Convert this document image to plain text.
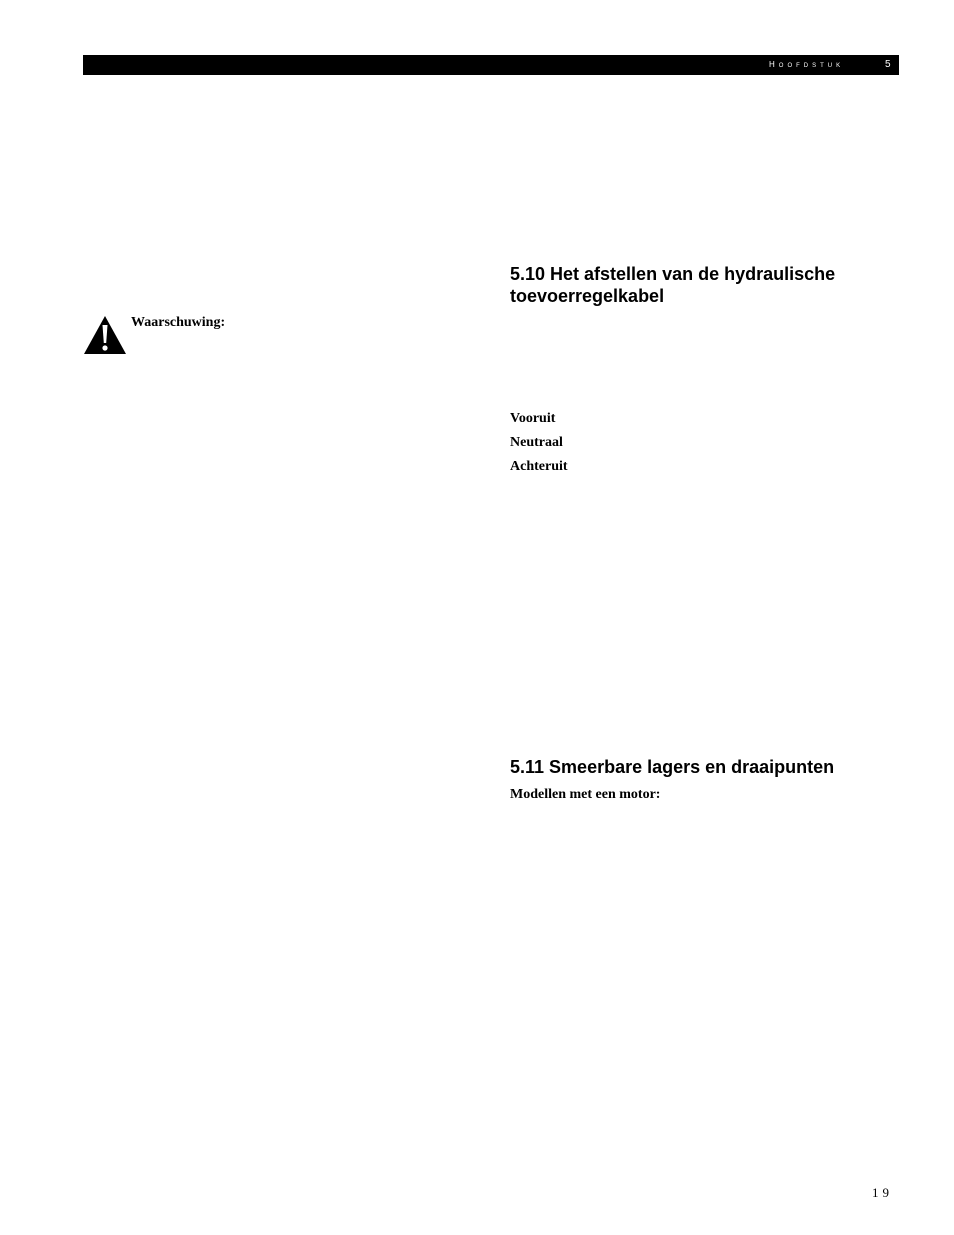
Hoofdstuk	5
Waarschuwing:
5.10 Het afstellen van de hydraulische toevoerregelkabel
Vooruit
Neutraal
Achteruit
5.11 Smeerbare lagers en draaipunten
Modellen met een motor:
19
